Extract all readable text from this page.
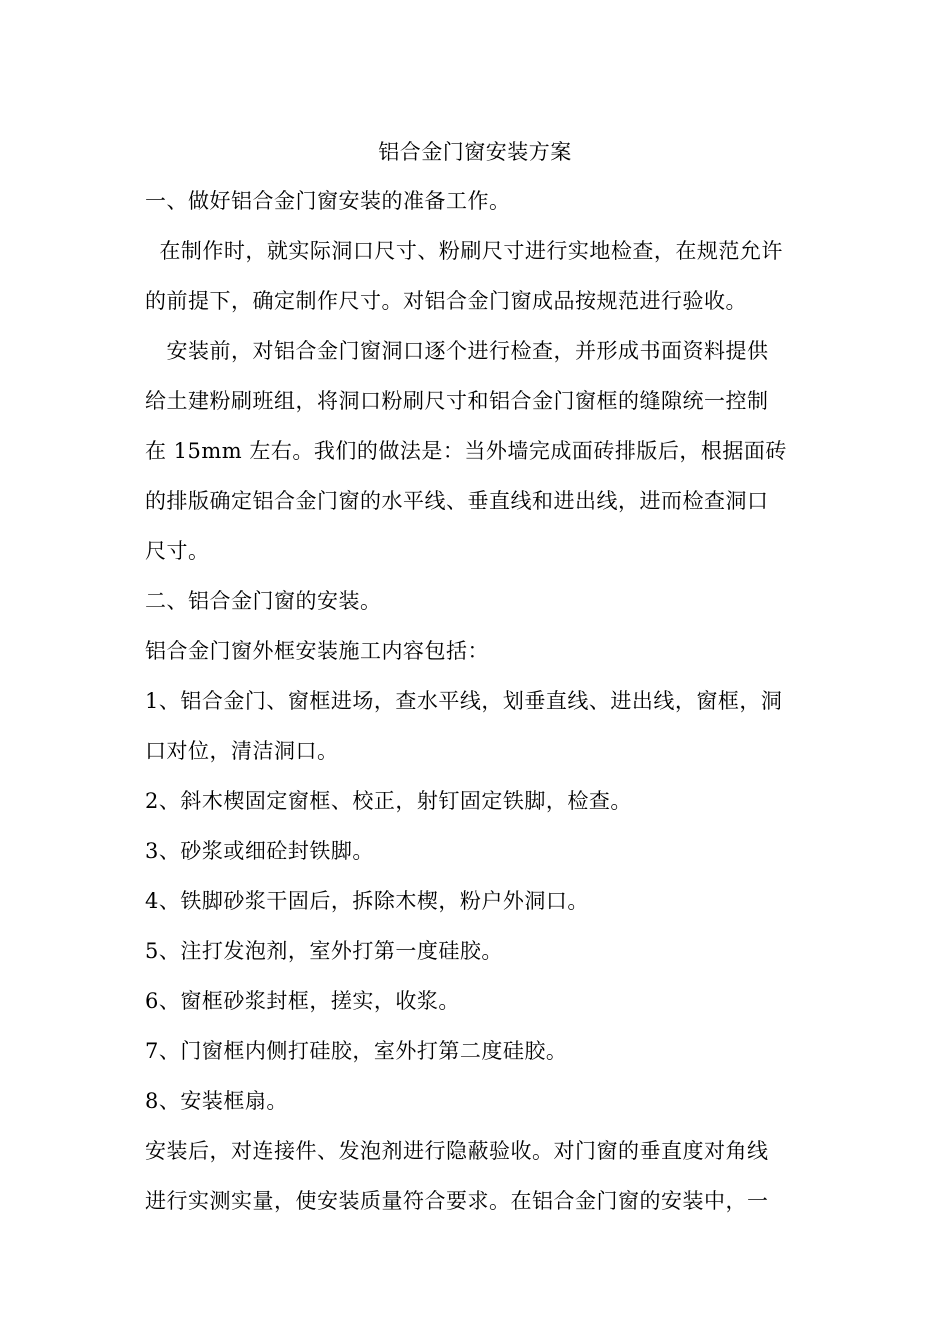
铝合金门窗安装方案
一、做好铝合金门窗安装的准备工作。
在制作时，就实际洞口尺寸、粉刷尺寸进行实地检查，在规范允许
的前提下，确定制作尺寸。对铝合金门窗成品按规范进行验收。
安装前，对铝合金门窗洞口逐个进行检查，并形成书面资料提供
给土建粉刷班组，将洞口粉刷尺寸和铝合金门窗框的缝隙统一控制
在 15mm 左右。我们的做法是：当外墙完成面砖排版后，根据面砖
的排版确定铝合金门窗的水平线、垂直线和进出线，进而检查洞口
尺寸。
二、铝合金门窗的安装。
铝合金门窗外框安装施工内容包括：
1、铝合金门、窗框进场，查水平线，划垂直线、进出线，窗框，洞
口对位，清洁洞口。
2、斜木楔固定窗框、校正，射钉固定铁脚，检查。
3、砂浆或细砼封铁脚。
4、铁脚砂浆干固后，拆除木楔，粉户外洞口。
5、注打发泡剂，室外打第一度硅胶。
6、窗框砂浆封框，搓实，收浆。
7、门窗框内侧打硅胶，室外打第二度硅胶。
8、安装框扇。
安装后，对连接件、发泡剂进行隐蔽验收。对门窗的垂直度对角线
进行实测实量，使安装质量符合要求。在铝合金门窗的安装中，一
